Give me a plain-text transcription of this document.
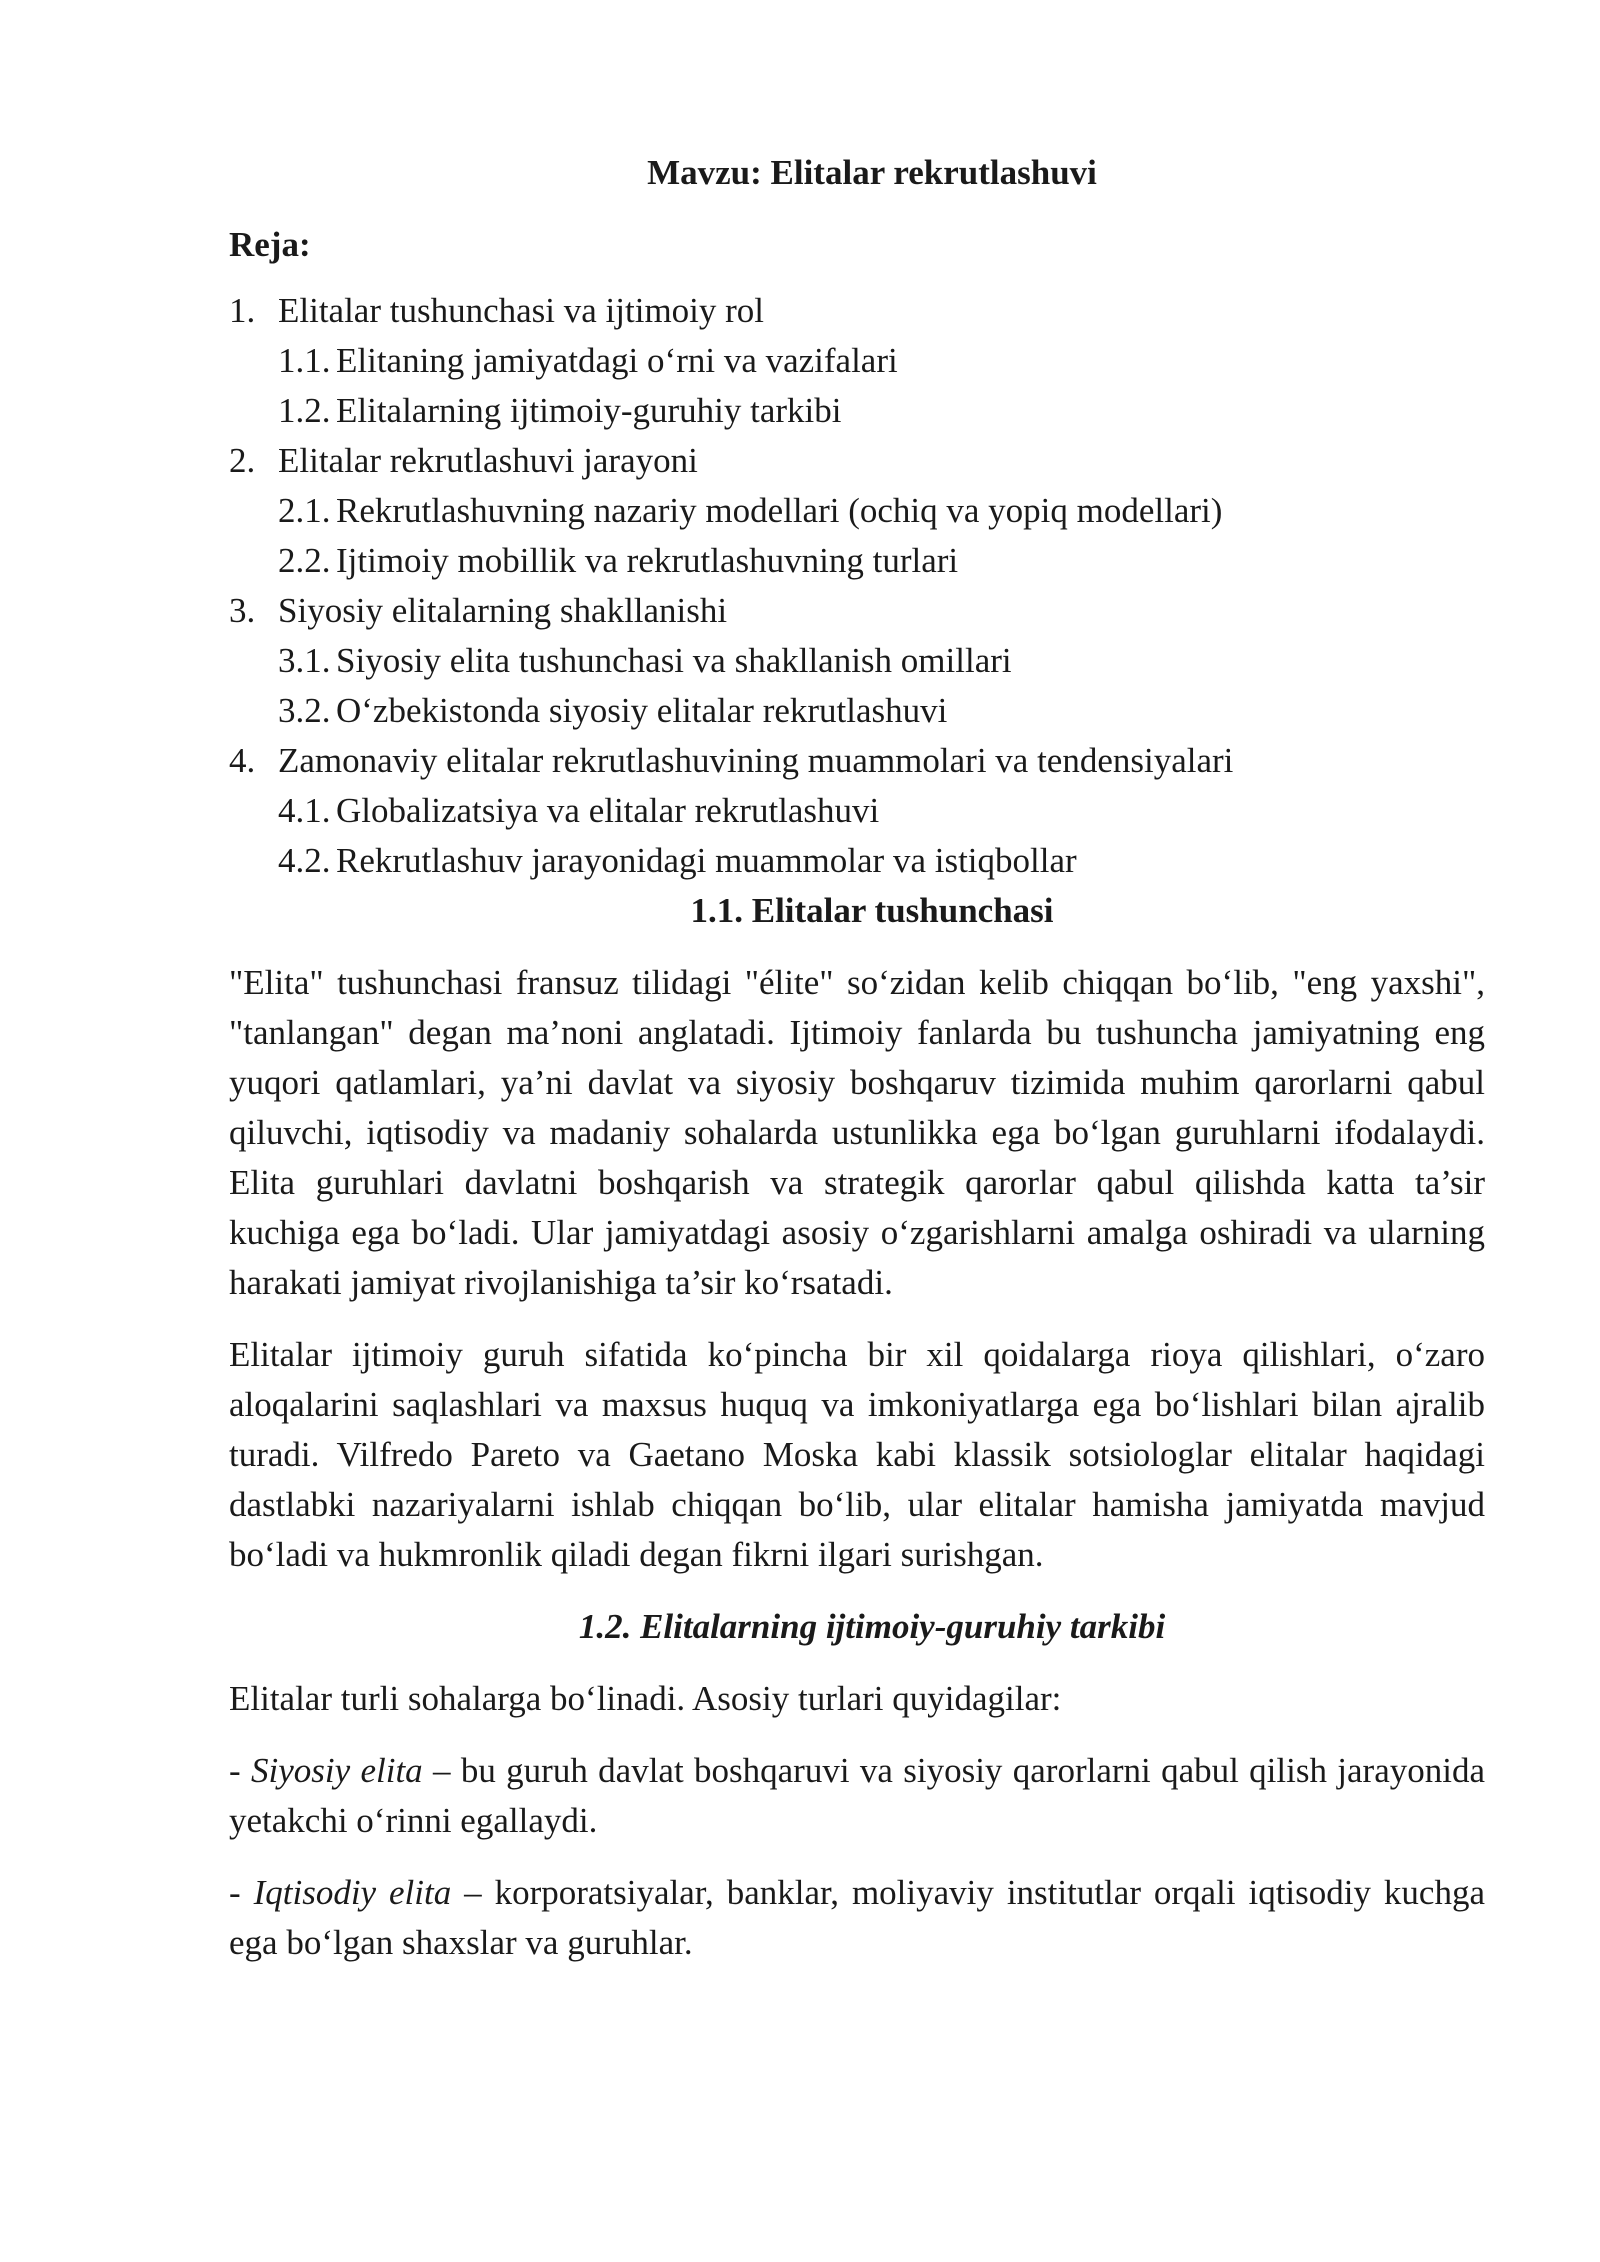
Mavzu: Elitalar rekrutlashuvi
Reja:
1. Elitalar tushunchasi va ijtimoiy rol
1.1. Elitaning jamiyatdagi o‘rni va vazifalari
1.2. Elitalarning ijtimoiy-guruhiy tarkibi
2. Elitalar rekrutlashuvi jarayoni
2.1. Rekrutlashuvning nazariy modellari (ochiq va yopiq modellari)
2.2. Ijtimoiy mobillik va rekrutlashuvning turlari
3. Siyosiy elitalarning shakllanishi
3.1. Siyosiy elita tushunchasi va shakllanish omillari
3.2. O‘zbekistonda siyosiy elitalar rekrutlashuvi
4. Zamonaviy elitalar rekrutlashuvining muammolari va tendensiyalari
4.1. Globalizatsiya va elitalar rekrutlashuvi
4.2. Rekrutlashuv jarayonidagi muammolar va istiqbollar
1.1. Elitalar tushunchasi

"Elita" tushunchasi fransuz tilidagi "élite" so‘zidan kelib chiqqan bo‘lib, "eng yaxshi", "tanlangan" degan ma’noni anglatadi. Ijtimoiy fanlarda bu tushuncha jamiyatning eng yuqori qatlamlari, ya’ni davlat va siyosiy boshqaruv tizimida muhim qarorlarni qabul qiluvchi, iqtisodiy va madaniy sohalarda ustunlikka ega bo‘lgan guruhlarni ifodalaydi. Elita guruhlari davlatni boshqarish va strategik qarorlar qabul qilishda katta ta’sir kuchiga ega bo‘ladi. Ular jamiyatdagi asosiy o‘zgarishlarni amalga oshiradi va ularning harakati jamiyat rivojlanishiga ta’sir ko‘rsatadi.

Elitalar ijtimoiy guruh sifatida ko‘pincha bir xil qoidalarga rioya qilishlari, o‘zaro aloqalarini saqlashlari va maxsus huquq va imkoniyatlarga ega bo‘lishlari bilan ajralib turadi. Vilfredo Pareto va Gaetano Moska kabi klassik sotsiologlar elitalar haqidagi dastlabki nazariyalarni ishlab chiqqan bo‘lib, ular elitalar hamisha jamiyatda mavjud bo‘ladi va hukmronlik qiladi degan fikrni ilgari surishgan.

1.2. Elitalarning ijtimoiy-guruhiy tarkibi

Elitalar turli sohalarga bo‘linadi. Asosiy turlari quyidagilar:

- Siyosiy elita – bu guruh davlat boshqaruvi va siyosiy qarorlarni qabul qilish jarayonida yetakchi o‘rinni egallaydi.

- Iqtisodiy elita – korporatsiyalar, banklar, moliyaviy institutlar orqali iqtisodiy kuchga ega bo‘lgan shaxslar va guruhlar.
